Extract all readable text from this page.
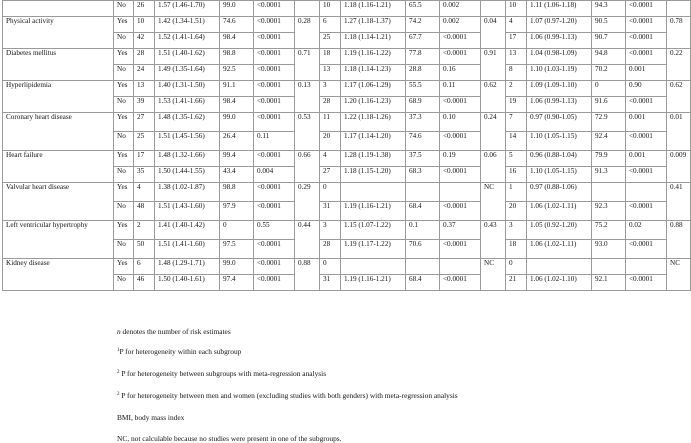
	No	26	1.57 (1.46-1.70)	99.0	<0.0001		10	1.18 (1.16-1.21)	65.5	0.002		10	1.11 (1.06-1.18)	94.3	<0.0001	
Physical activity	Yes	10	1.42 (1.34-1.51)	74.6	<0.0001	0.28	6	1.27 (1.18-1.37)	74.2	0.002	0.04	4	1.07 (0.97-1.20)	90.5	<0.0001	0.78
	No	42	1.52 (1.41-1.64)	98.4	<0.0001		25	1.18 (1.14-1.21)	67.7	<0.0001		17	1.06 (0.99-1.13)	90.7	<0.0001	
Diabetes mellitus	Yes	28	1.51 (1.40-1.62)	98.8	<0.0001	0.71	18	1.19 (1.16-1.22)	77.8	<0.0001	0.91	13	1.04 (0.98-1.09)	94.8	<0.0001	0.22
	No	24	1.49 (1.35-1.64)	92.5	<0.0001		13	1.18 (1.14-1.23)	28.8	0.16		8	1.10 (1.03-1.19)	70.2	0.001	
Hyperlipidemia	Yes	13	1.40 (1.31-1.50)	91.1	<0.0001	0.13	3	1.17 (1.06-1.29)	55.5	0.11	0.62	2	1.09 (1.09-1.10)	0	0.90	0.62
	No	39	1.53 (1.41-1.66)	98.4	<0.0001		28	1.20 (1.16-1.23)	68.9	<0.0001		19	1.06 (0.99-1.13)	91.6	<0.0001	
Coronary heart disease	Yes	27	1.48 (1.35-1.62)	99.0	<0.0001	0.53	11	1.22 (1.18-1.26)	37.3	0.10	0.24	7	0.97 (0.90-1.05)	72.9	0.001	0.01
	No	25	1.51 (1.45-1.56)	26.4	0.11		20	1.17 (1.14-1.20)	74.6	<0.0001		14	1.10 (1.05-1.15)	92.4	<0.0001	
Heart failure	Yes	17	1.48 (1.32-1.66)	99.4	<0.0001	0.66	4	1.28 (1.19-1.38)	37.5	0.19	0.06	5	0.96 (0.88-1.04)	79.9	0.001	0.009
	No	35	1.50 (1.44-1.55)	43.4	0.004		27	1.18 (1.15-1.20)	68.3	<0.0001		16	1.10 (1.05-1.15)	91.3	<0.0001	
Valvular heart disease	Yes	4	1.38 (1.02-1.87)	98.8	<0.0001	0.29	0				NC	1	0.97 (0.88-1.06)			0.41
	No	48	1.51 (1.43-1.60)	97.9	<0.0001		31	1.19 (1.16-1.21)	68.4	<0.0001		20	1.06 (1.02-1.11)	92.3	<0.0001	
Left ventricular hypertrophy	Yes	2	1.41 (1.40-1.42)	0	0.55	0.44	3	1.15 (1.07-1.22)	0.1	0.37	0.43	3	1.05 (0.92-1.20)	75.2	0.02	0.88
	No	50	1.51 (1.41-1.60)	97.5	<0.0001		28	1.19 (1.17-1.22)	70.6	<0.0001		18	1.06 (1.02-1.11)	93.0	<0.0001	
Kidney disease	Yes	6	1.48 (1.29-1.71)	99.0	<0.0001	0.88	0				NC	0				NC
	No	46	1.50 (1.40-1.61)	97.4	<0.0001		31	1.19 (1.16-1.21)	68.4	<0.0001		21	1.06 (1.02-1.10)	92.1	<0.0001	

n denotes the number of risk estimates

$^1$P for heterogeneity within each subgroup

$^2$ P for heterogeneity between subgroups with meta-regression analysis

$^2$ P for heterogeneity between men and women (excluding studies with both genders) with meta-regression analysis

BMI, body mass index

NC, not calculable because no studies were present in one of the subgroups.
